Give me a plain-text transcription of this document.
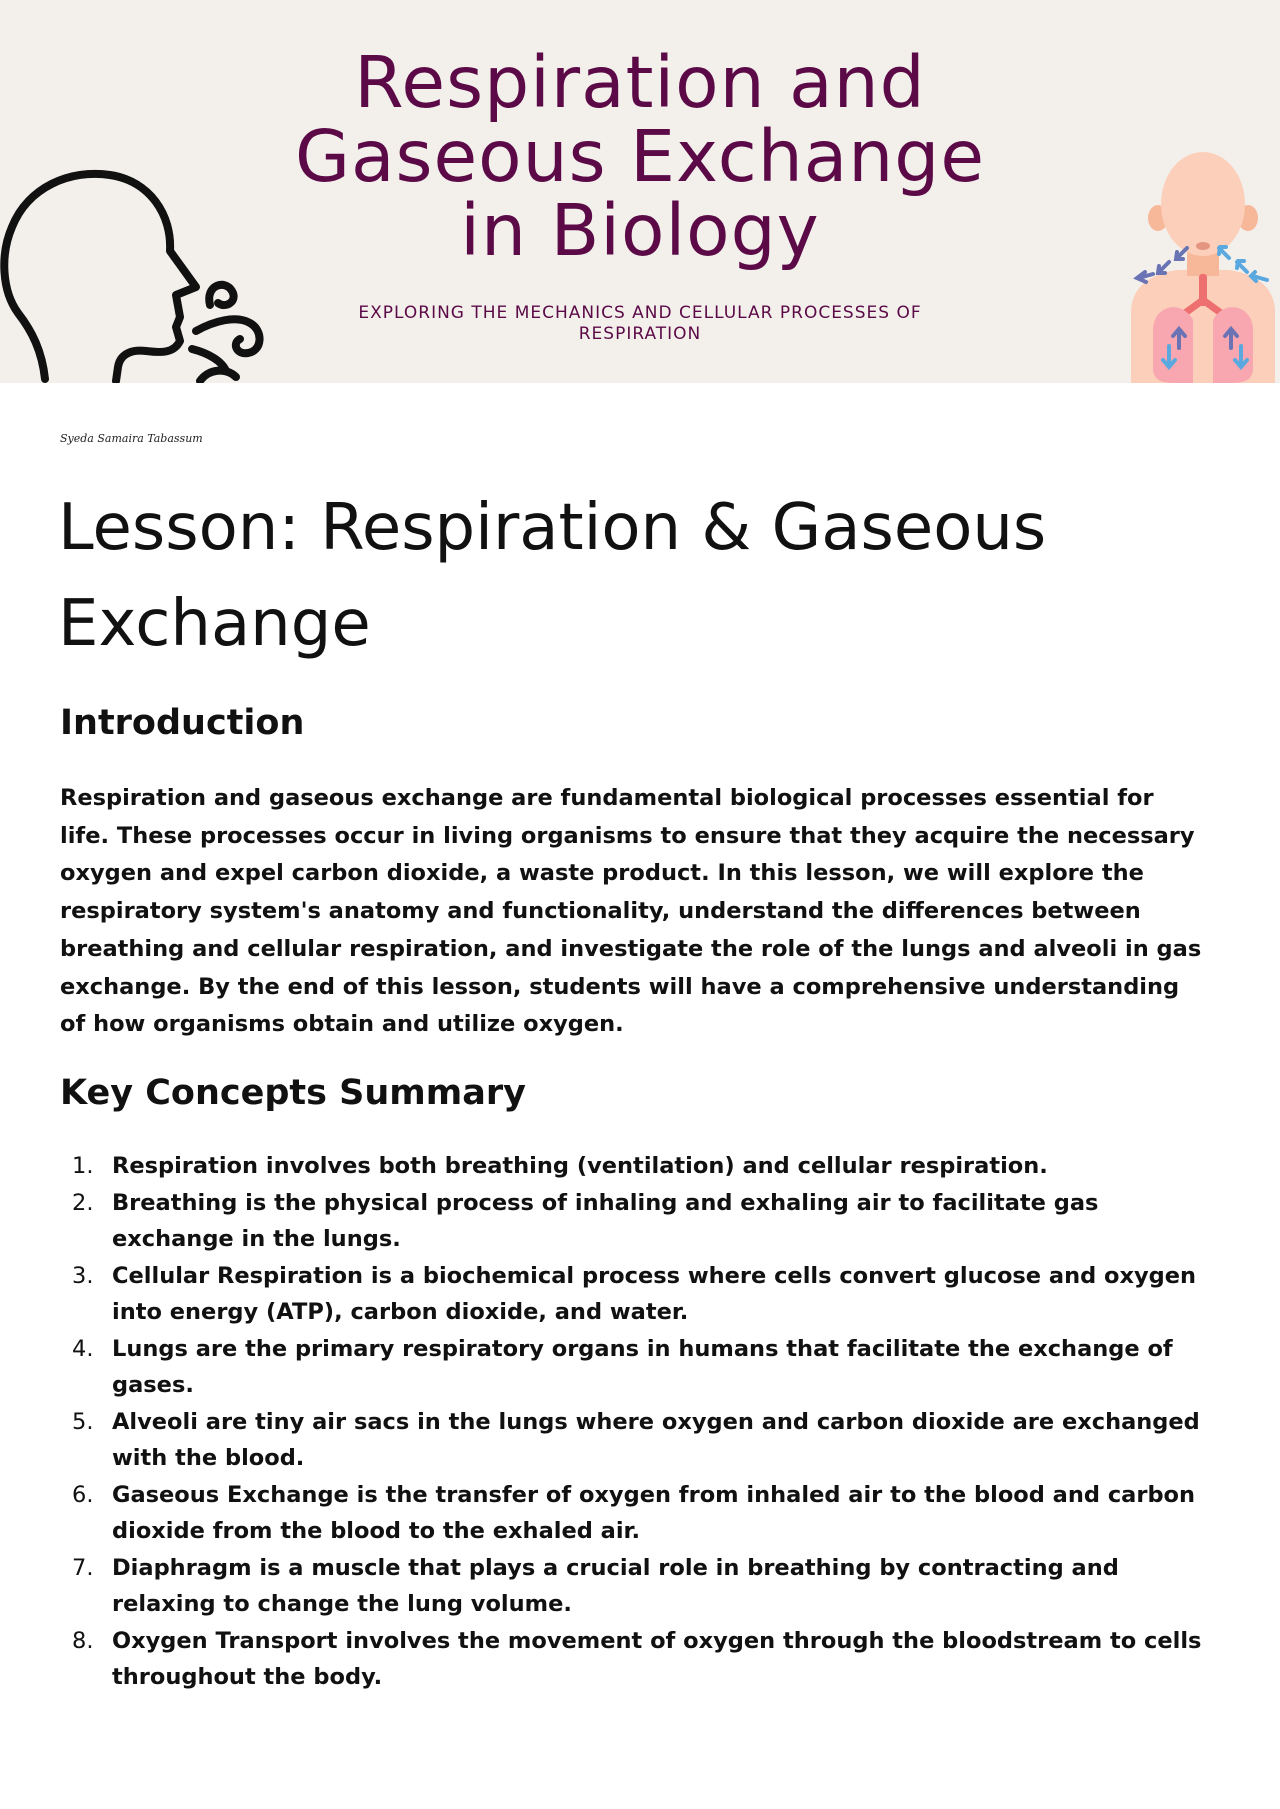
Respiration and
Gaseous Exchange
in Biology

EXPLORING THE MECHANICS AND CELLULAR PROCESSES OF RESPIRATION

Syeda Samaira Tabassum

Lesson: Respiration & Gaseous Exchange
Introduction

Respiration and gaseous exchange are fundamental biological processes essential for life. These processes occur in living organisms to ensure that they acquire the necessary oxygen and expel carbon dioxide, a waste product. In this lesson, we will explore the respiratory system's anatomy and functionality, understand the differences between breathing and cellular respiration, and investigate the role of the lungs and alveoli in gas exchange. By the end of this lesson, students will have a comprehensive understanding of how organisms obtain and utilize oxygen.

Key Concepts Summary
1. Respiration involves both breathing (ventilation) and cellular respiration.
2. Breathing is the physical process of inhaling and exhaling air to facilitate gas exchange in the lungs.
3. Cellular Respiration is a biochemical process where cells convert glucose and oxygen into energy (ATP), carbon dioxide, and water.
4. Lungs are the primary respiratory organs in humans that facilitate the exchange of gases.
5. Alveoli are tiny air sacs in the lungs where oxygen and carbon dioxide are exchanged with the blood.
6. Gaseous Exchange is the transfer of oxygen from inhaled air to the blood and carbon dioxide from the blood to the exhaled air.
7. Diaphragm is a muscle that plays a crucial role in breathing by contracting and relaxing to change the lung volume.
8. Oxygen Transport involves the movement of oxygen through the bloodstream to cells throughout the body.
